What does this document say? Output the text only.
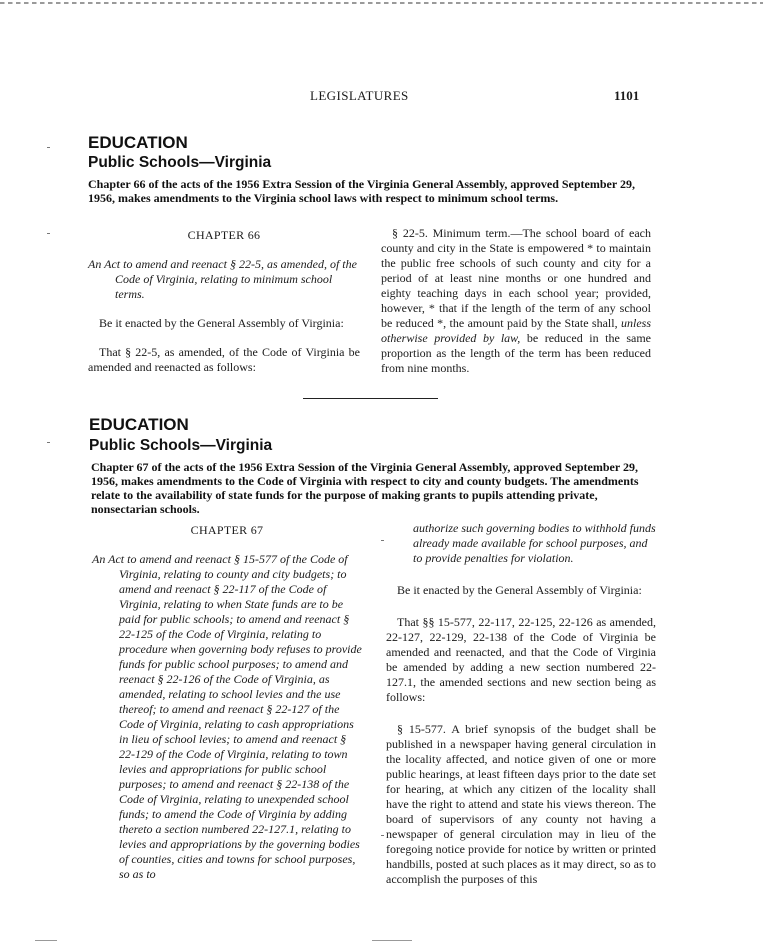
LEGISLATURES	1101
EDUCATION
Public Schools—Virginia
Chapter 66 of the acts of the 1956 Extra Session of the Virginia General Assembly, approved September 29, 1956, makes amendments to the Virginia school laws with respect to minimum school terms.
CHAPTER 66
An Act to amend and reenact § 22-5, as amended, of the Code of Virginia, relating to minimum school terms.
Be it enacted by the General Assembly of Virginia:
That § 22-5, as amended, of the Code of Virginia be amended and reenacted as follows:
§ 22-5. Minimum term.—The school board of each county and city in the State is empowered * to maintain the public free schools of such county and city for a period of at least nine months or one hundred and eighty teaching days in each school year; provided, however, * that if the length of the term of any school be reduced *, the amount paid by the State shall, unless otherwise provided by law, be reduced in the same proportion as the length of the term has been reduced from nine months.
EDUCATION
Public Schools—Virginia
Chapter 67 of the acts of the 1956 Extra Session of the Virginia General Assembly, approved September 29, 1956, makes amendments to the Code of Virginia with respect to city and county budgets. The amendments relate to the availability of state funds for the purpose of making grants to pupils attending private, nonsectarian schools.
CHAPTER 67
An Act to amend and reenact § 15-577 of the Code of Virginia, relating to county and city budgets; to amend and reenact § 22-117 of the Code of Virginia, relating to when State funds are to be paid for public schools; to amend and reenact § 22-125 of the Code of Virginia, relating to procedure when governing body refuses to provide funds for public school purposes; to amend and reenact § 22-126 of the Code of Virginia, as amended, relating to school levies and the use thereof; to amend and reenact § 22-127 of the Code of Virginia, relating to cash appropriations in lieu of school levies; to amend and reenact § 22-129 of the Code of Virginia, relating to town levies and appropriations for public school purposes; to amend and reenact § 22-138 of the Code of Virginia, relating to unexpended school funds; to amend the Code of Virginia by adding thereto a section numbered 22-127.1, relating to levies and appropriations by the governing bodies of counties, cities and towns for school purposes, so as to
authorize such governing bodies to withhold funds already made available for school purposes, and to provide penalties for violation.
Be it enacted by the General Assembly of Virginia:
That §§ 15-577, 22-117, 22-125, 22-126 as amended, 22-127, 22-129, 22-138 of the Code of Virginia be amended and reenacted, and that the Code of Virginia be amended by adding a new section numbered 22-127.1, the amended sections and new section being as follows:
§ 15-577. A brief synopsis of the budget shall be published in a newspaper having general circulation in the locality affected, and notice given of one or more public hearings, at least fifteen days prior to the date set for hearing, at which any citizen of the locality shall have the right to attend and state his views thereon. The board of supervisors of any county not having a newspaper of general circulation may in lieu of the foregoing notice provide for notice by written or printed handbills, posted at such places as it may direct, so as to accomplish the purposes of this
